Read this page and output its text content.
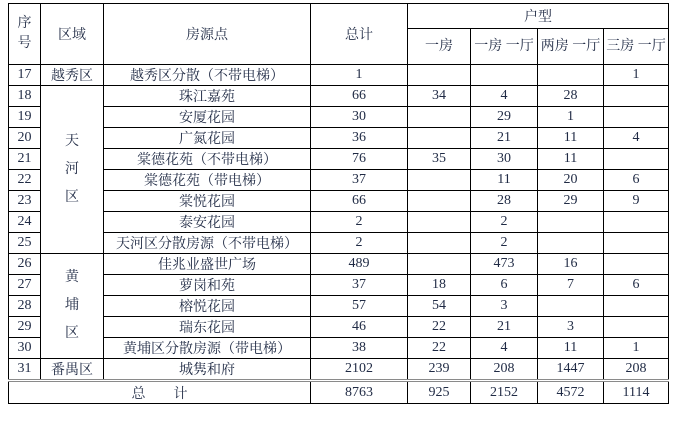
序号	区域	房源点	总计	户型			
				一房	一房 一厅	两房 一厅	三房 一厅
17	越秀区	越秀区分散（不带电梯）	1				1
18	天河区	珠江嘉苑	66	34	4	28	
19		安厦花园	30		29	1	
20		广氮花园	36		21	11	4
21		棠德花苑（不带电梯）	76	35	30	11	
22		棠德花苑（带电梯）	37		11	20	6
23		棠悦花园	66		28	29	9
24		泰安花园	2		2		
25		天河区分散房源（不带电梯）	2		2		
26	黄埔区	佳兆业盛世广场	489		473	16	
27		萝岗和苑	37	18	6	7	6
28		榕悦花园	57	54	3		
29		瑞东花园	46	22	21	3	
30		黄埔区分散房源（带电梯）	38	22	4	11	1
31	番禺区	城隽和府	2102	239	208	1447	208
总　　计			8763	925	2152	4572	1114
